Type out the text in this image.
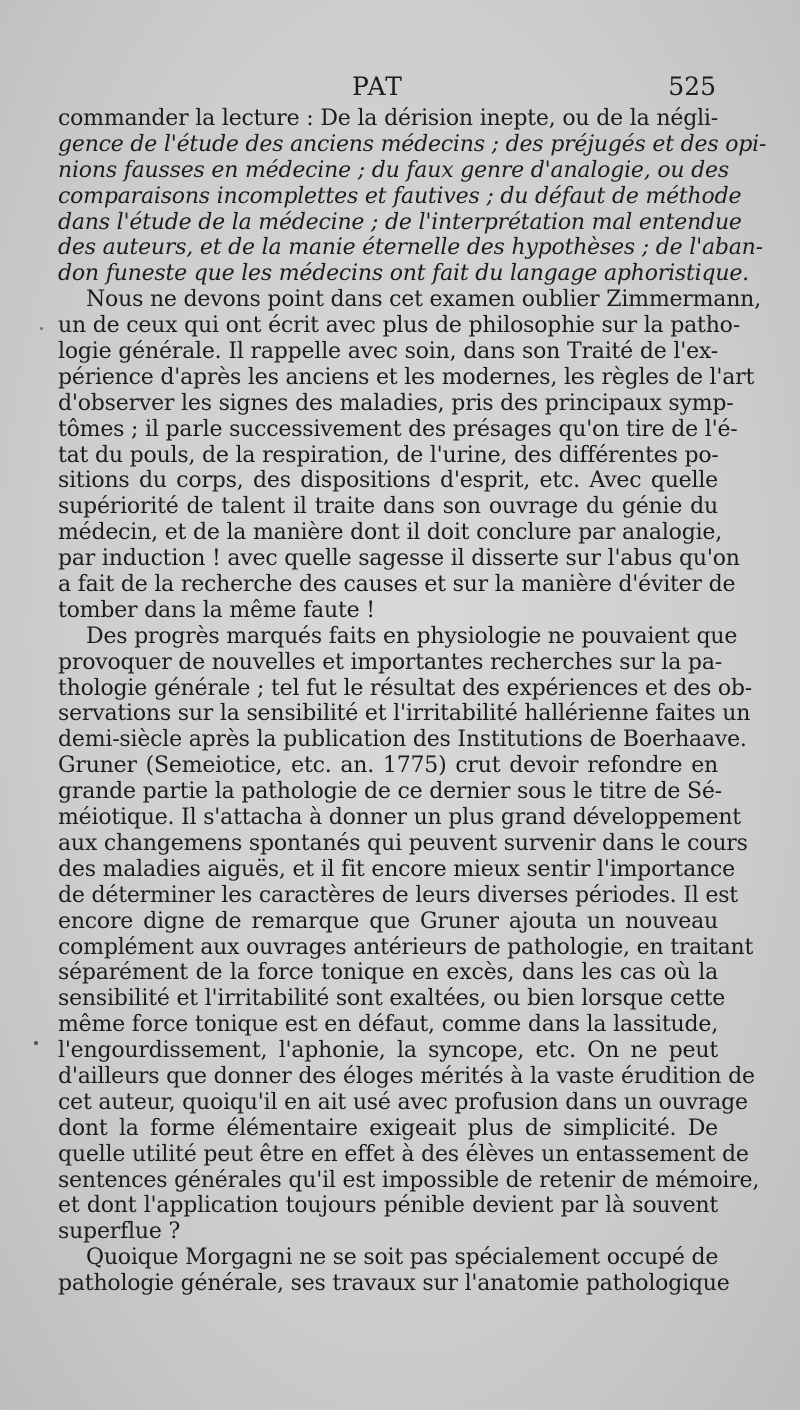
PAT	525
commander la lecture : De la dérision inepte, ou de la négli-
gence de l'étude des anciens médecins ; des préjugés et des opi-
nions fausses en médecine ; du faux genre d'analogie, ou des
comparaisons incomplettes et fautives ; du défaut de méthode
dans l'étude de la médecine ; de l'interprétation mal entendue
des auteurs, et de la manie éternelle des hypothèses ; de l'aban-
don funeste que les médecins ont fait du langage aphoristique.
Nous ne devons point dans cet examen oublier Zimmermann,
un de ceux qui ont écrit avec plus de philosophie sur la patho-
logie générale. Il rappelle avec soin, dans son Traité de l'ex-
périence d'après les anciens et les modernes, les règles de l'art
d'observer les signes des maladies, pris des principaux symp-
tômes ; il parle successivement des présages qu'on tire de l'é-
tat du pouls, de la respiration, de l'urine, des différentes po-
sitions du corps, des dispositions d'esprit, etc. Avec quelle
supériorité de talent il traite dans son ouvrage du génie du
médecin, et de la manière dont il doit conclure par analogie,
par induction ! avec quelle sagesse il disserte sur l'abus qu'on
a fait de la recherche des causes et sur la manière d'éviter de
tomber dans la même faute !
Des progrès marqués faits en physiologie ne pouvaient que
provoquer de nouvelles et importantes recherches sur la pa-
thologie générale ; tel fut le résultat des expériences et des ob-
servations sur la sensibilité et l'irritabilité hallérienne faites un
demi-siècle après la publication des Institutions de Boerhaave.
Gruner (Semeiotice, etc. an. 1775) crut devoir refondre en
grande partie la pathologie de ce dernier sous le titre de Sé-
méiotique. Il s'attacha à donner un plus grand développement
aux changemens spontanés qui peuvent survenir dans le cours
des maladies aiguës, et il fit encore mieux sentir l'importance
de déterminer les caractères de leurs diverses périodes. Il est
encore digne de remarque que Gruner ajouta un nouveau
complément aux ouvrages antérieurs de pathologie, en traitant
séparément de la force tonique en excès, dans les cas où la
sensibilité et l'irritabilité sont exaltées, ou bien lorsque cette
même force tonique est en défaut, comme dans la lassitude,
l'engourdissement, l'aphonie, la syncope, etc. On ne peut
d'ailleurs que donner des éloges mérités à la vaste érudition de
cet auteur, quoiqu'il en ait usé avec profusion dans un ouvrage
dont la forme élémentaire exigeait plus de simplicité. De
quelle utilité peut être en effet à des élèves un entassement de
sentences générales qu'il est impossible de retenir de mémoire,
et dont l'application toujours pénible devient par là souvent
superflue ?
Quoique Morgagni ne se soit pas spécialement occupé de
pathologie générale, ses travaux sur l'anatomie pathologique
